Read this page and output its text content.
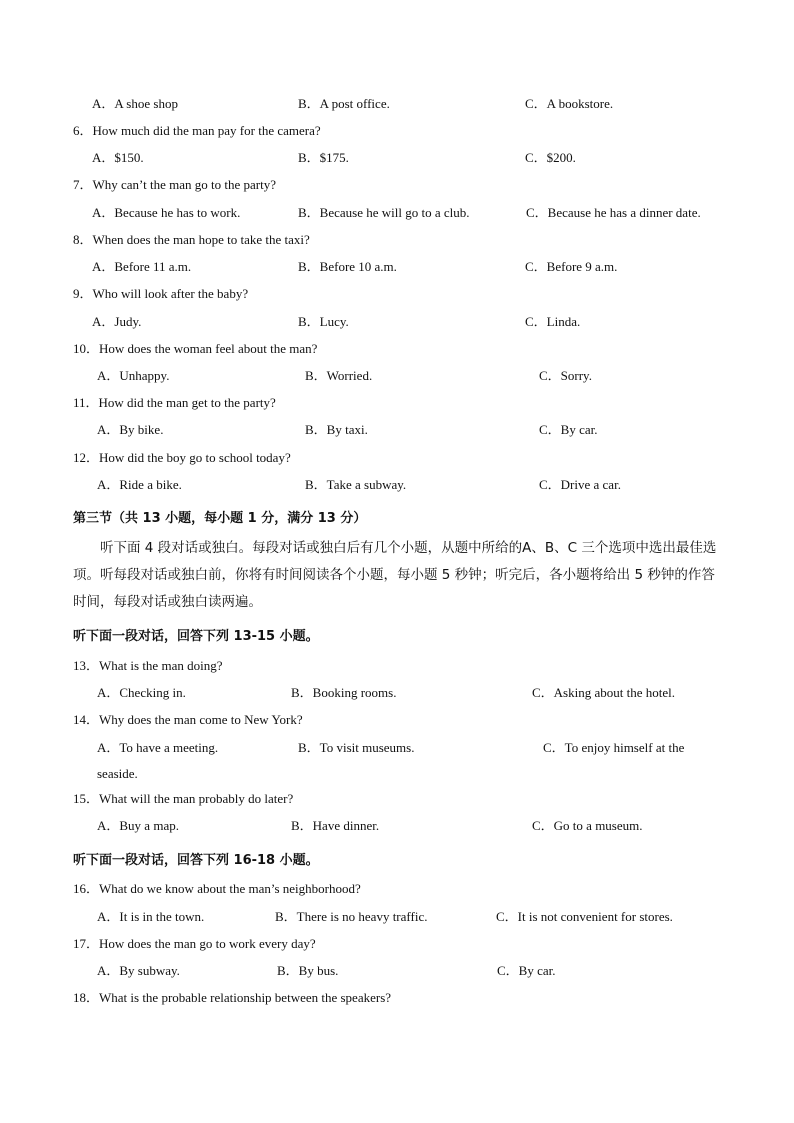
A．A shoe shop	B．A post office.	C．A bookstore.
6．How much did the man pay for the camera?
A．$150.	B．$175.	C．$200.
7．Why can’t the man go to the party?
A．Because he has to work.	B．Because he will go to a club.	C．Because he has a dinner date.
8．When does the man hope to take the taxi?
A．Before 11 a.m.	B．Before 10 a.m.	C．Before 9 a.m.
9．Who will look after the baby?
A．Judy.	B．Lucy.	C．Linda.
10．How does the woman feel about the man?
A．Unhappy.	B．Worried.	C．Sorry.
11．How did the man get to the party?
A．By bike.	B．By taxi.	C．By car.
12．How did the boy go to school today?
A．Ride a bike.	B．Take a subway.	C．Drive a car.
第三节（共 13 小题，每小题 1 分，满分 13 分）
听下面 4 段对话或独白。每段对话或独白后有几个小题，从题中所给的A、B、C 三个选项中选出最佳选项。听每段对话或独白前，你将有时间阅读各个小题，每小题 5 秒钟；听完后，各小题将给出 5 秒钟的作答时间，每段对话或独白读两遍。
听下面一段对话，回答下列 13-15 小题。
13．What is the man doing?
A．Checking in.	B．Booking rooms.	C．Asking about the hotel.
14．Why does the man come to New York?
A．To have a meeting.	B．To visit museums.	C．To enjoy himself at the
seaside.
15．What will the man probably do later?
A．Buy a map.	B．Have dinner.	C．Go to a museum.
听下面一段对话，回答下列 16-18 小题。
16．What do we know about the man’s neighborhood?
A．It is in the town.	B．There is no heavy traffic.	C．It is not convenient for stores.
17．How does the man go to work every day?
A．By subway.	B．By bus.	C．By car.
18．What is the probable relationship between the speakers?
